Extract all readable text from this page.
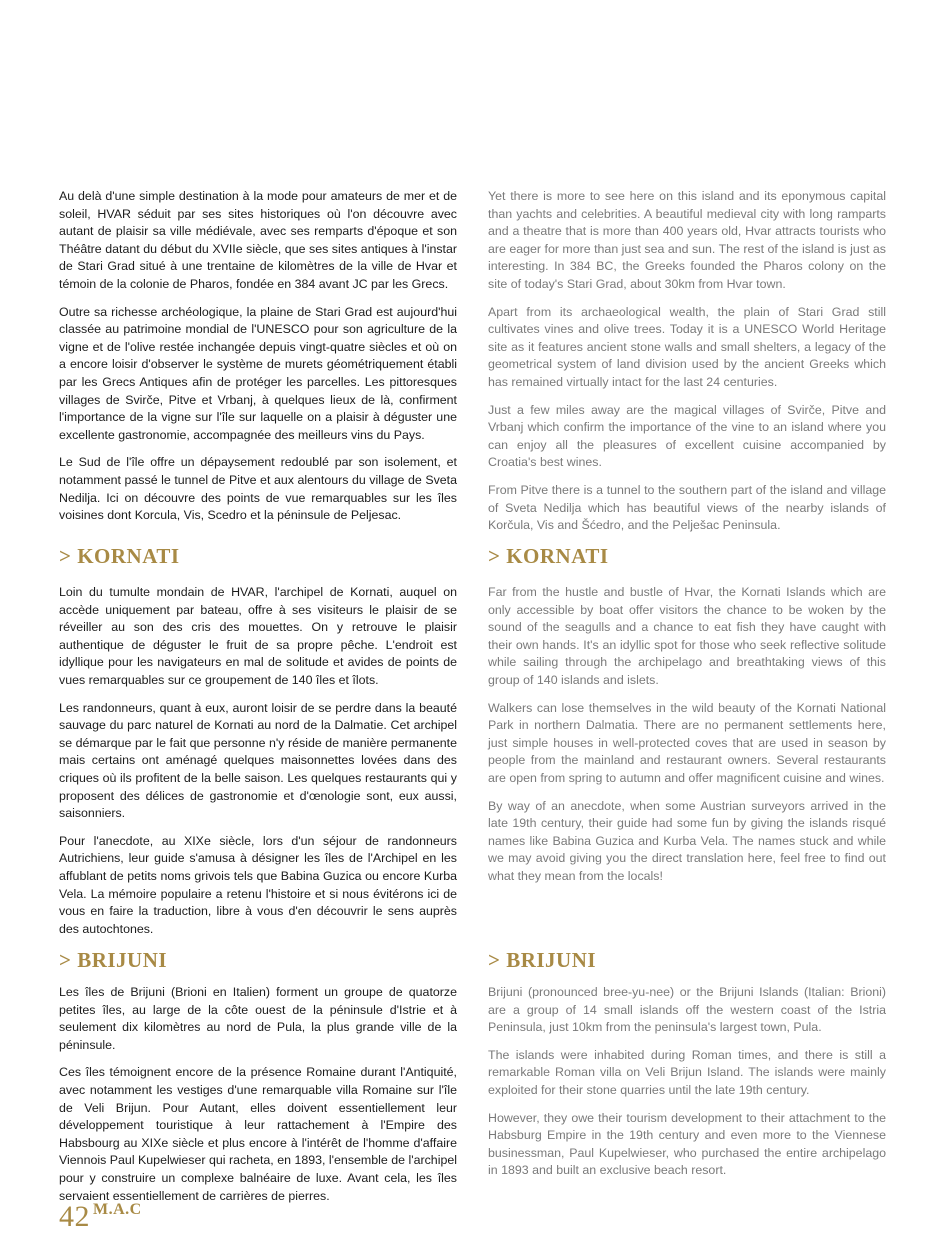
Au delà d'une simple destination à la mode pour amateurs de mer et de soleil, HVAR séduit par ses sites historiques où l'on découvre avec autant de plaisir sa ville médiévale, avec ses remparts d'époque et son Théâtre datant du début du XVIIe siècle, que ses sites antiques à l'instar de Stari Grad situé à une trentaine de kilomètres de la ville de Hvar et témoin de la colonie de Pharos, fondée en 384 avant JC par les Grecs.

Outre sa richesse archéologique, la plaine de Stari Grad est aujourd'hui classée au patrimoine mondial de l'UNESCO pour son agriculture de la vigne et de l'olive restée inchangée depuis vingt-quatre siècles et où on a encore loisir d'observer le système de murets géométriquement établi par les Grecs Antiques afin de protéger les parcelles. Les pittoresques villages de Svirče, Pitve et Vrbanj, à quelques lieux de là, confirment l'importance de la vigne sur l'île sur laquelle on a plaisir à déguster une excellente gastronomie, accompagnée des meilleurs vins du Pays.

Le Sud de l'île offre un dépaysement redoublé par son isolement, et notamment passé le tunnel de Pitve et aux alentours du village de Sveta Nedilja. Ici on découvre des points de vue remarquables sur les îles voisines dont Korcula, Vis, Scedro et la péninsule de Peljesac.

> KORNATI

Loin du tumulte mondain de HVAR, l'archipel de Kornati, auquel on accède uniquement par bateau, offre à ses visiteurs le plaisir de se réveiller au son des cris des mouettes. On y retrouve le plaisir authentique de déguster le fruit de sa propre pêche. L'endroit est idyllique pour les navigateurs en mal de solitude et avides de points de vues remarquables sur ce groupement de 140 îles et îlots.

Les randonneurs, quant à eux, auront loisir de se perdre dans la beauté sauvage du parc naturel de Kornati au nord de la Dalmatie. Cet archipel se démarque par le fait que personne n'y réside de manière permanente mais certains ont aménagé quelques maisonnettes lovées dans des criques où ils profitent de la belle saison. Les quelques restaurants qui y proposent des délices de gastronomie et d'œnologie sont, eux aussi, saisonniers.

Pour l'anecdote, au XIXe siècle, lors d'un séjour de randonneurs Autrichiens, leur guide s'amusa à désigner les îles de l'Archipel en les affublant de petits noms grivois tels que Babina Guzica ou encore Kurba Vela. La mémoire populaire a retenu l'histoire et si nous évitérons ici de vous en faire la traduction, libre à vous d'en découvrir le sens auprès des autochtones.

> BRIJUNI

Les îles de Brijuni (Brioni en Italien) forment un groupe de quatorze petites îles, au large de la côte ouest de la péninsule d'Istrie et à seulement dix kilomètres au nord de Pula, la plus grande ville de la péninsule.

Ces îles témoignent encore de la présence Romaine durant l'Antiquité, avec notamment les vestiges d'une remarquable villa Romaine sur l'île de Veli Brijun. Pour Autant, elles doivent essentiellement leur développement touristique à leur rattachement à l'Empire des Habsbourg au XIXe siècle et plus encore à l'intérêt de l'homme d'affaire Viennois Paul Kupelwieser qui racheta, en 1893, l'ensemble de l'archipel pour y construire un complexe balnéaire de luxe. Avant cela, les îles servaient essentiellement de carrières de pierres.

Yet there is more to see here on this island and its eponymous capital than yachts and celebrities. A beautiful medieval city with long ramparts and a theatre that is more than 400 years old, Hvar attracts tourists who are eager for more than just sea and sun. The rest of the island is just as interesting. In 384 BC, the Greeks founded the Pharos colony on the site of today's Stari Grad, about 30km from Hvar town.

Apart from its archaeological wealth, the plain of Stari Grad still cultivates vines and olive trees. Today it is a UNESCO World Heritage site as it features ancient stone walls and small shelters, a legacy of the geometrical system of land division used by the ancient Greeks which has remained virtually intact for the last 24 centuries.

Just a few miles away are the magical villages of Svirče, Pitve and Vrbanj which confirm the importance of the vine to an island where you can enjoy all the pleasures of excellent cuisine accompanied by Croatia's best wines.

From Pitve there is a tunnel to the southern part of the island and village of Sveta Nedilja which has beautiful views of the nearby islands of Korčula, Vis and Šćedro, and the Pelješac Peninsula.

> KORNATI

Far from the hustle and bustle of Hvar, the Kornati Islands which are only accessible by boat offer visitors the chance to be woken by the sound of the seagulls and a chance to eat fish they have caught with their own hands. It's an idyllic spot for those who seek reflective solitude while sailing through the archipelago and breathtaking views of this group of 140 islands and islets.

Walkers can lose themselves in the wild beauty of the Kornati National Park in northern Dalmatia. There are no permanent settlements here, just simple houses in well-protected coves that are used in season by people from the mainland and restaurant owners. Several restaurants are open from spring to autumn and offer magnificent cuisine and wines.

By way of an anecdote, when some Austrian surveyors arrived in the late 19th century, their guide had some fun by giving the islands risqué names like Babina Guzica and Kurba Vela. The names stuck and while we may avoid giving you the direct translation here, feel free to find out what they mean from the locals!

> BRIJUNI

Brijuni (pronounced bree-yu-nee) or the Brijuni Islands (Italian: Brioni) are a group of 14 small islands off the western coast of the Istria Peninsula, just 10km from the peninsula's largest town, Pula.

The islands were inhabited during Roman times, and there is still a remarkable Roman villa on Veli Brijun Island. The islands were mainly exploited for their stone quarries until the late 19th century.

However, they owe their tourism development to their attachment to the Habsburg Empire in the 19th century and even more to the Viennese businessman, Paul Kupelwieser, who purchased the entire archipelago in 1893 and built an exclusive beach resort.

42 M.A.C
